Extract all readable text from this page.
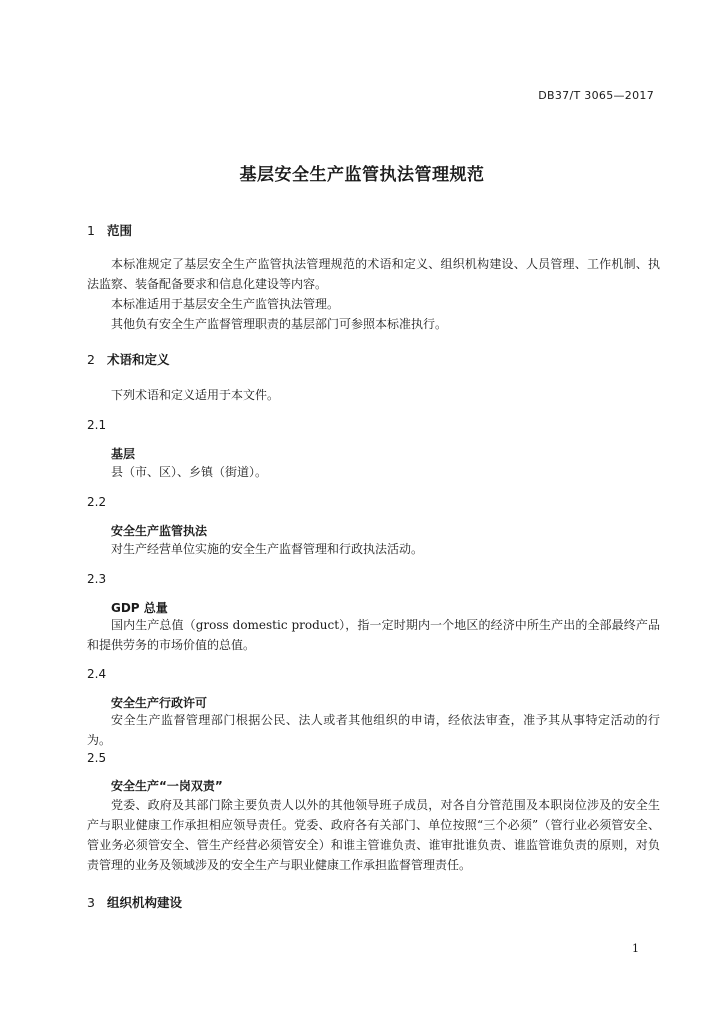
DB37/T 3065—2017
基层安全生产监管执法管理规范
1 范围

本标准规定了基层安全生产监管执法管理规范的术语和定义、组织机构建设、人员管理、工作机制、执法监察、装备配备要求和信息化建设等内容。

本标准适用于基层安全生产监管执法管理。

其他负有安全生产监督管理职责的基层部门可参照本标准执行。

2 术语和定义
下列术语和定义适用于本文件。
2.1
基层
县（市、区）、乡镇（街道）。
2.2
安全生产监管执法
对生产经营单位实施的安全生产监督管理和行政执法活动。
2.3
GDP 总量

国内生产总值（gross domestic product），指一定时期内一个地区的经济中所生产出的全部最终产品和提供劳务的市场价值的总值。

2.4
安全生产行政许可

安全生产监督管理部门根据公民、法人或者其他组织的申请，经依法审查，准予其从事特定活动的行为。

2.5
安全生产“一岗双责”

党委、政府及其部门除主要负责人以外的其他领导班子成员，对各自分管范围及本职岗位涉及的安全生产与职业健康工作承担相应领导责任。党委、政府各有关部门、单位按照“三个必须”（管行业必须管安全、管业务必须管安全、管生产经营必须管安全）和谁主管谁负责、谁审批谁负责、谁监管谁负责的原则，对负责管理的业务及领域涉及的安全生产与职业健康工作承担监督管理责任。

3 组织机构建设
1
